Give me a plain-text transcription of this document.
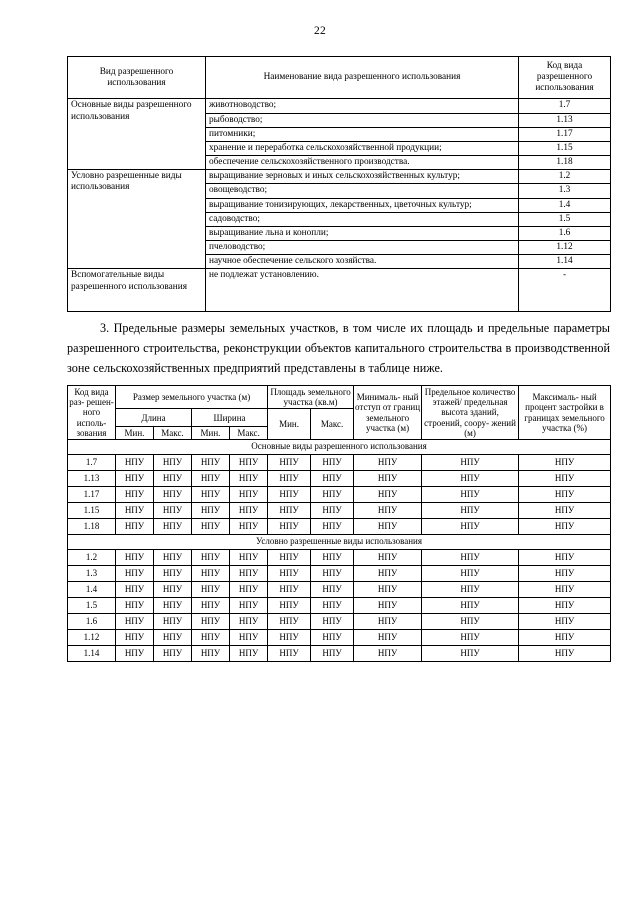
22
Вид разрешенного использования	Наименование вида разрешенного использования	Код вида разрешенного использования
Основные виды разрешенного использования	животноводство;	1.7
	рыбоводство;	1.13
	питомники;	1.17
	хранение и переработка сельскохозяйственной продукции;	1.15
	обеспечение сельскохозяйственного производства.	1.18
Условно разрешенные виды использования	выращивание зерновых и иных сельскохозяйственных культур;	1.2
	овощеводство;	1.3
	выращивание тонизирующих, лекарственных, цветочных культур;	1.4
	садоводство;	1.5
	выращивание льна и конопли;	1.6
	пчеловодство;	1.12
	научное обеспечение сельского хозяйства.	1.14
Вспомогательные виды разрешенного использования	не подлежат установлению.	-

3. Предельные размеры земельных участков, в том числе их площадь и предельные параметры разрешенного строительства, реконструкции объектов капитального строительства в производственной зоне сельскохозяйственных предприятий представлены в таблице ниже.

Код вида раз- решен- ного исполь- зования	Размер земельного участка (м)				Площадь земельного участка (кв.м)		Минималь- ный отступ от границ земельного участка (м)	Предельное количество этажей/ предельная высота зданий, строений, соору- жений (м)	Максималь- ный процент застройки в границах земельного участка (%)
	Длина		Ширина		Мин.	Макс.			
	Мин.	Макс.	Мин.	Макс.					
Основные виды разрешенного использования									
1.7	НПУ	НПУ	НПУ	НПУ	НПУ	НПУ	НПУ	НПУ	НПУ
1.13	НПУ	НПУ	НПУ	НПУ	НПУ	НПУ	НПУ	НПУ	НПУ
1.17	НПУ	НПУ	НПУ	НПУ	НПУ	НПУ	НПУ	НПУ	НПУ
1.15	НПУ	НПУ	НПУ	НПУ	НПУ	НПУ	НПУ	НПУ	НПУ
1.18	НПУ	НПУ	НПУ	НПУ	НПУ	НПУ	НПУ	НПУ	НПУ
Условно разрешенные виды использования									
1.2	НПУ	НПУ	НПУ	НПУ	НПУ	НПУ	НПУ	НПУ	НПУ
1.3	НПУ	НПУ	НПУ	НПУ	НПУ	НПУ	НПУ	НПУ	НПУ
1.4	НПУ	НПУ	НПУ	НПУ	НПУ	НПУ	НПУ	НПУ	НПУ
1.5	НПУ	НПУ	НПУ	НПУ	НПУ	НПУ	НПУ	НПУ	НПУ
1.6	НПУ	НПУ	НПУ	НПУ	НПУ	НПУ	НПУ	НПУ	НПУ
1.12	НПУ	НПУ	НПУ	НПУ	НПУ	НПУ	НПУ	НПУ	НПУ
1.14	НПУ	НПУ	НПУ	НПУ	НПУ	НПУ	НПУ	НПУ	НПУ
